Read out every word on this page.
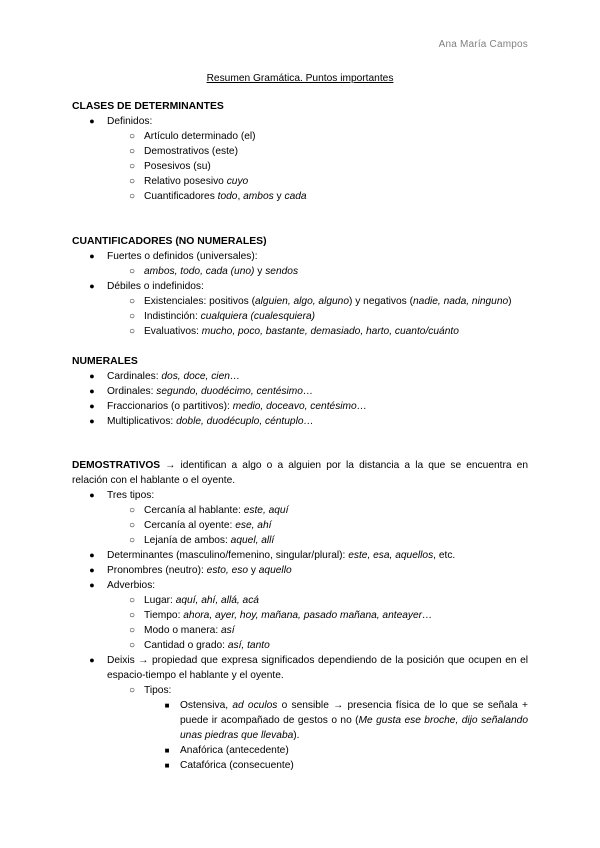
Ana María Campos
Resumen Gramática. Puntos importantes
CLASES DE DETERMINANTES
●	Definidos:
○ Artículo determinado (el)
○ Demostrativos (este)
○ Posesivos (su)
○ Relativo posesivo cuyo
○ Cuantificadores todo, ambos y cada
CUANTIFICADORES (NO NUMERALES)
●	Fuertes o definidos (universales):
○ ambos, todo, cada (uno) y sendos
●	Débiles o indefinidos:
○ Existenciales: positivos (alguien, algo, alguno) y negativos (nadie, nada, ninguno)
○ Indistinción: cualquiera (cualesquiera)
○ Evaluativos: mucho, poco, bastante, demasiado, harto, cuanto/cuánto
NUMERALES
●	Cardinales: dos, doce, cien…
●	Ordinales: segundo, duodécimo, centésimo…
●	Fraccionarios (o partitivos): medio, doceavo, centésimo…
●	Multiplicativos: doble, duodécuplo, céntuplo…

DEMOSTRATIVOS → identifican a algo o a alguien por la distancia a la que se encuentra en relación con el hablante o el oyente.

●	Tres tipos:
○ Cercanía al hablante: este, aquí
○ Cercanía al oyente: ese, ahí
○ Lejanía de ambos: aquel, allí
●	Determinantes (masculino/femenino, singular/plural): este, esa, aquellos, etc.
●	Pronombres (neutro): esto, eso y aquello
●	Adverbios:
○ Lugar: aquí, ahí, allá, acá
○ Tiempo: ahora, ayer, hoy, mañana, pasado mañana, anteayer…
○ Modo o manera: así
○ Cantidad o grado: así, tanto
●	Deixis → propiedad que expresa significados dependiendo de la posición que ocupen en el espacio-tiempo el hablante y el oyente.
○ Tipos:
■	Ostensiva, ad oculos o sensible → presencia física de lo que se señala + puede ir acompañado de gestos o no (Me gusta ese broche, dijo señalando unas piedras que llevaba).
■	Anafórica (antecedente)
■	Catafórica (consecuente)
